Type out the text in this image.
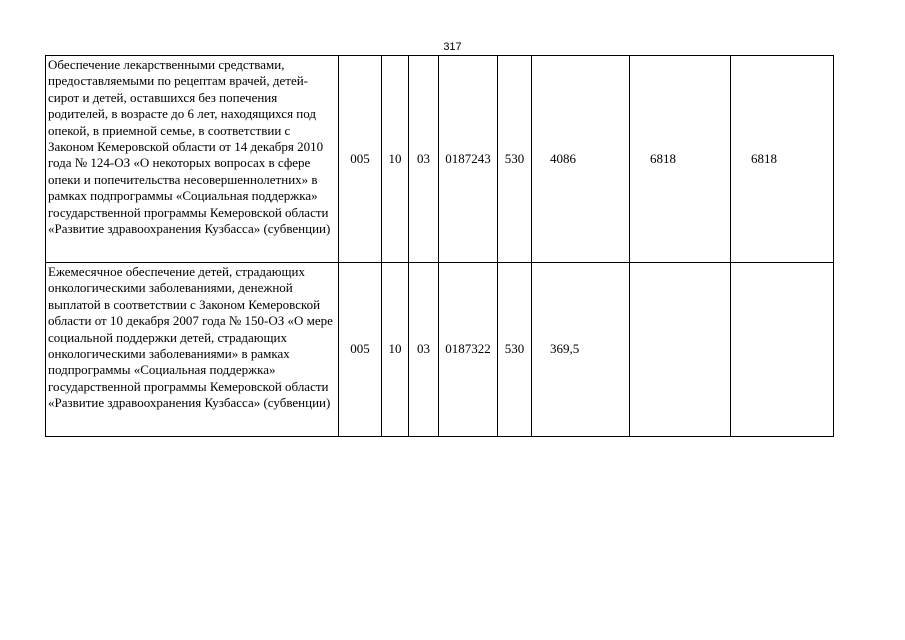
317
Обеспечение лекарственными средствами, предоставляемыми по рецептам врачей, детей-сирот и детей, оставшихся без попечения родителей, в возрасте до 6 лет, находящихся под опекой, в приемной семье, в соответствии с Законом Кемеровской области от 14 декабря 2010 года № 124-ОЗ «О некоторых вопросах в сфере опеки и попечительства несовершеннолетних» в рамках подпрограммы «Социальная поддержка» государственной программы Кемеровской области «Развитие здравоохранения Кузбасса» (субвенции)	005	10	03	0187243	530	4086	6818	6818
Ежемесячное обеспечение детей, страдающих онкологическими заболеваниями, денежной выплатой в соответствии с Законом Кемеровской области от 10 декабря 2007 года № 150-ОЗ «О мере социальной поддержки детей, страдающих онкологическими заболеваниями» в рамках подпрограммы «Социальная поддержка» государственной программы Кемеровской области «Развитие здравоохранения Кузбасса» (субвенции)	005	10	03	0187322	530	369,5		
